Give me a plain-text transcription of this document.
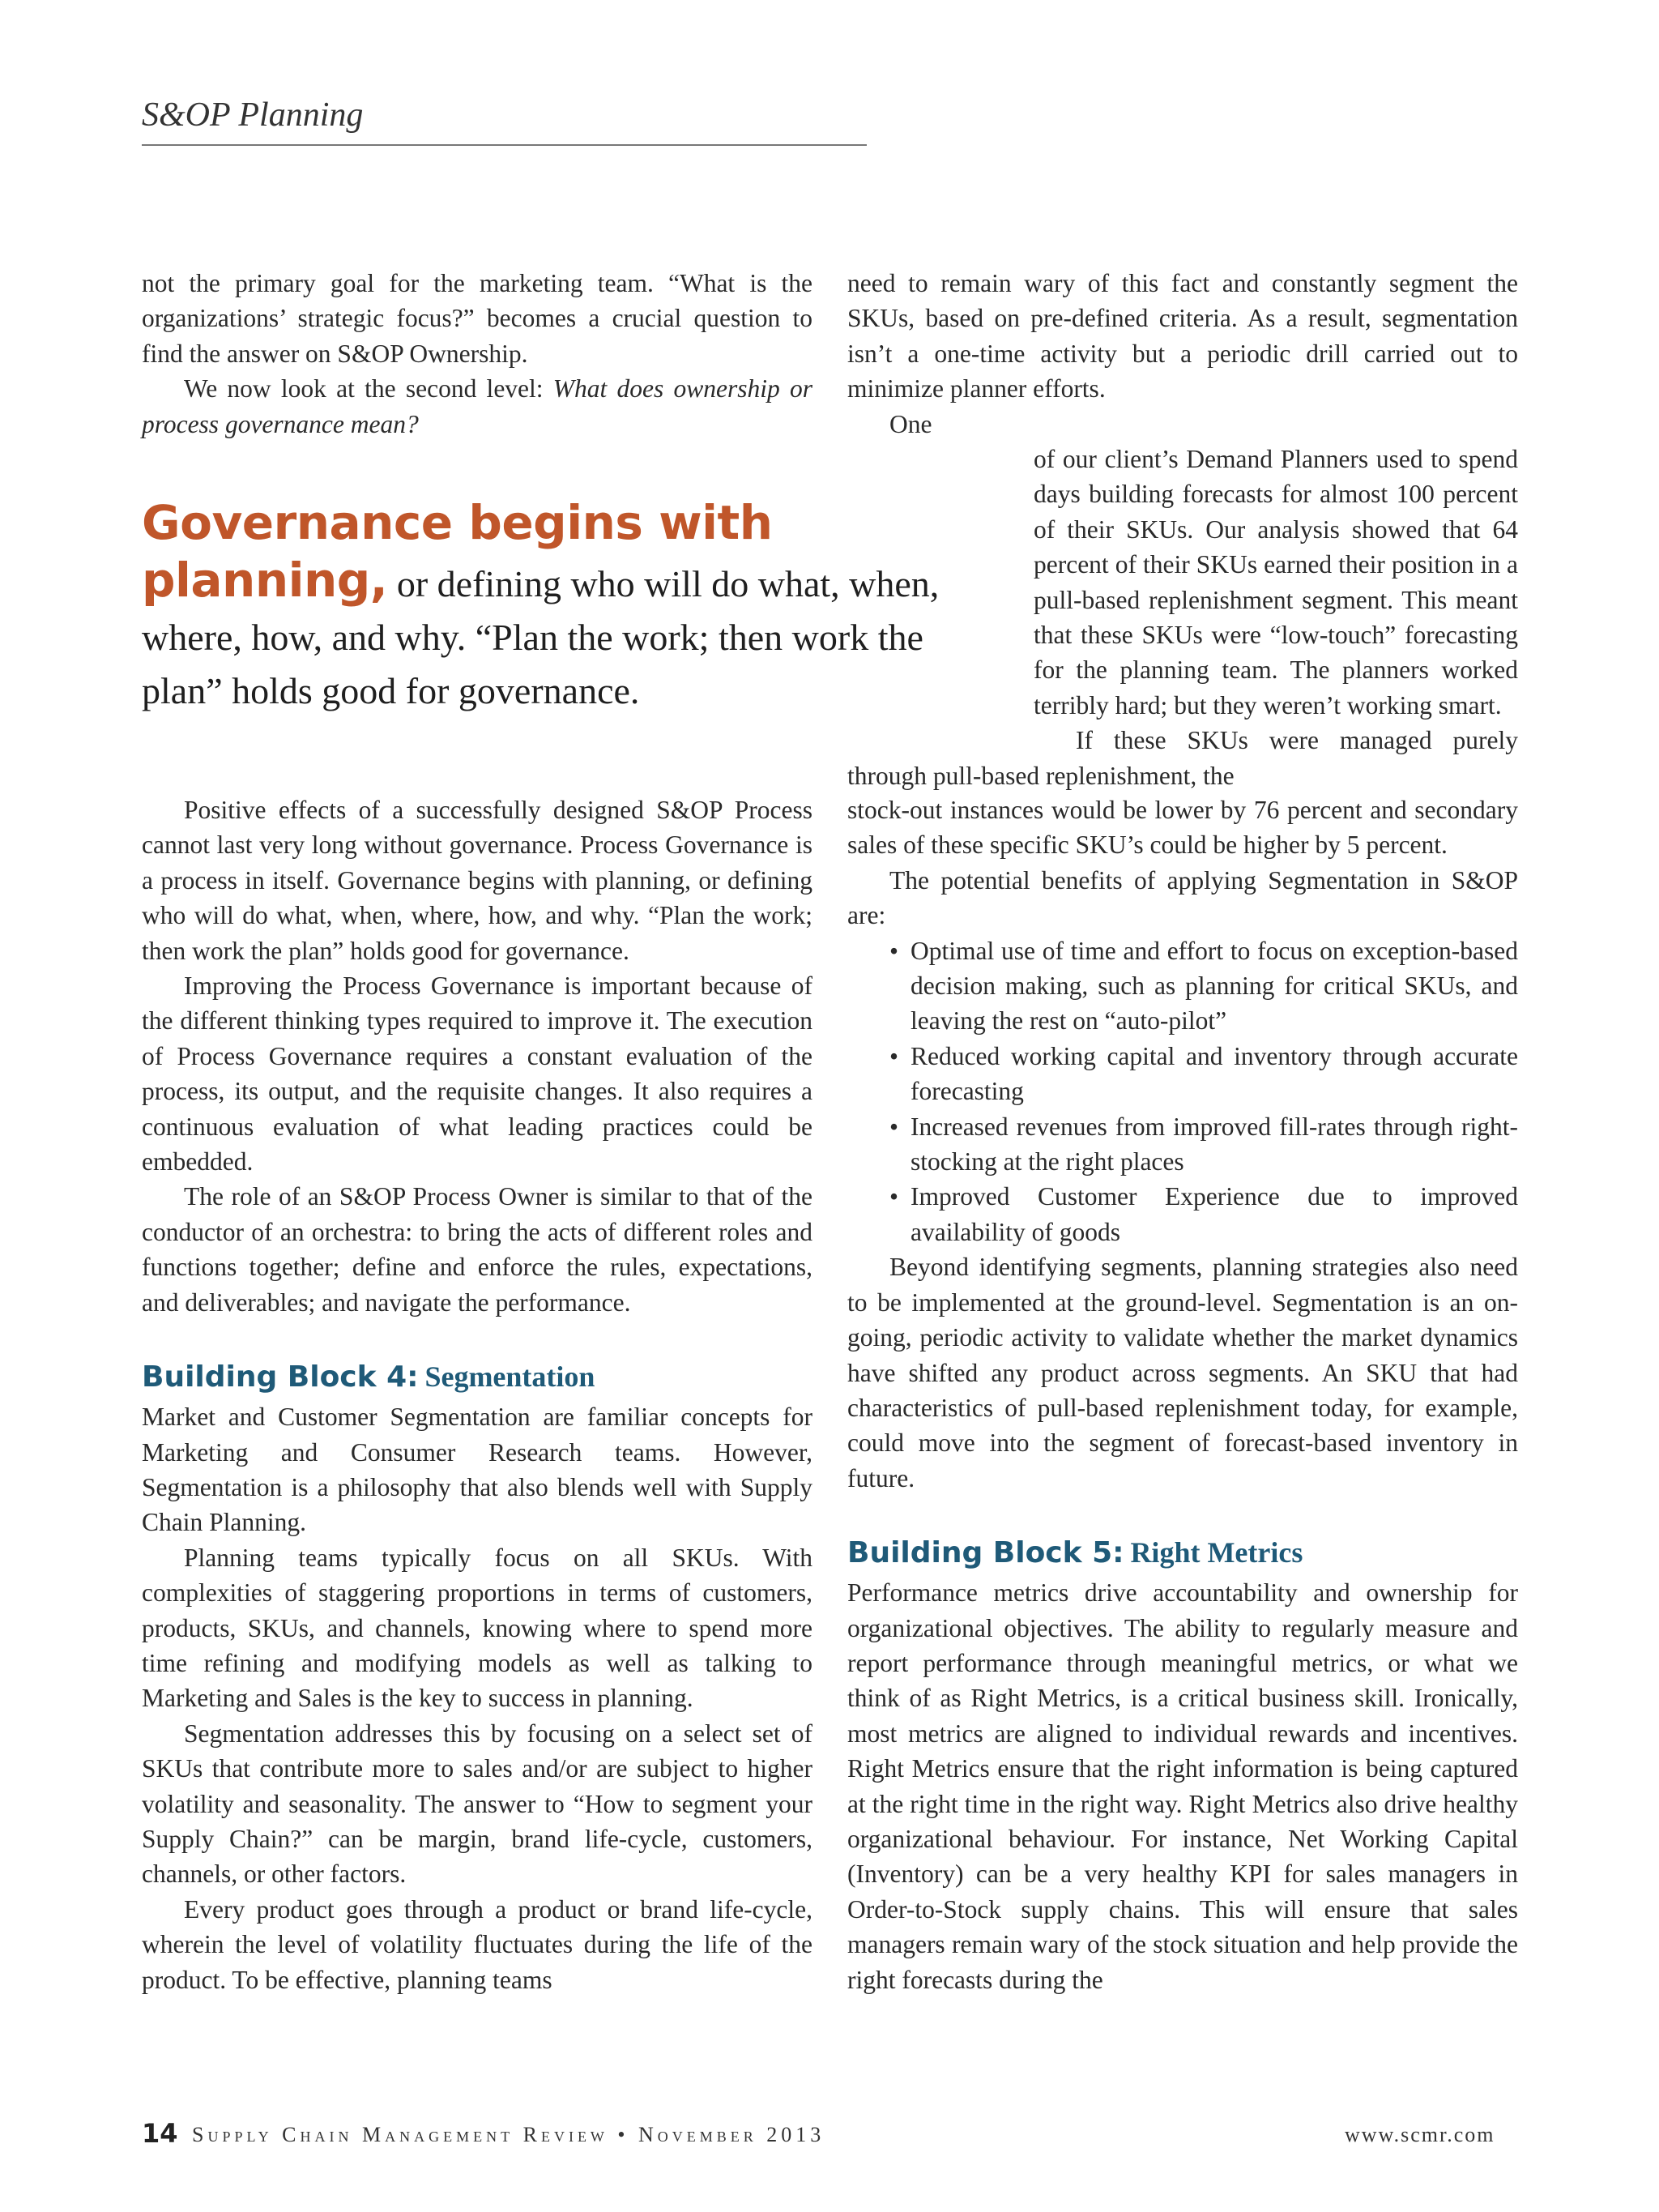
S&OP Planning

not the primary goal for the marketing team. “What is the organizations’ strategic focus?” becomes a crucial question to find the answer on S&OP Ownership.

We now look at the second level: What does ownership or process governance mean?

Governance begins with planning, or defining who will do what, when, where, how, and why. “Plan the work; then work the plan” holds good for governance.

Positive effects of a successfully designed S&OP Process cannot last very long without governance. Process Governance is a process in itself. Governance begins with planning, or defining who will do what, when, where, how, and why. “Plan the work; then work the plan” holds good for governance.

Improving the Process Governance is important because of the different thinking types required to improve it. The execution of Process Governance requires a constant evaluation of the process, its output, and the requisite changes. It also requires a continuous evaluation of what leading practices could be embedded.

The role of an S&OP Process Owner is similar to that of the conductor of an orchestra: to bring the acts of different roles and functions together; define and enforce the rules, expectations, and deliverables; and navigate the performance.

Building Block 4: Segmentation

Market and Customer Segmentation are familiar concepts for Marketing and Consumer Research teams. However, Segmentation is a philosophy that also blends well with Supply Chain Planning.

Planning teams typically focus on all SKUs. With complexities of staggering proportions in terms of customers, products, SKUs, and channels, knowing where to spend more time refining and modifying models as well as talking to Marketing and Sales is the key to success in planning.

Segmentation addresses this by focusing on a select set of SKUs that contribute more to sales and/or are subject to higher volatility and seasonality. The answer to “How to segment your Supply Chain?” can be margin, brand life-cycle, customers, channels, or other factors.

Every product goes through a product or brand life-cycle, wherein the level of volatility fluctuates during the life of the product. To be effective, planning teams

need to remain wary of this fact and constantly segment the SKUs, based on pre-defined criteria. As a result, segmentation isn’t a one-time activity but a periodic drill carried out to minimize planner efforts.

One

of our client’s Demand Planners used to spend days building forecasts for almost 100 percent of their SKUs. Our analysis showed that 64 percent of their SKUs earned their position in a pull-based replenishment segment. This meant that these SKUs were “low-touch” forecasting for the planning team. The planners worked terribly hard; but they weren’t working smart.

If these SKUs were managed purely through pull-based replenishment, the

stock-out instances would be lower by 76 percent and secondary sales of these specific SKU’s could be higher by 5 percent.

The potential benefits of applying Segmentation in S&OP are:

• Optimal use of time and effort to focus on exception-based decision making, such as planning for critical SKUs, and leaving the rest on “auto-pilot”
• Reduced working capital and inventory through accurate forecasting
• Increased revenues from improved fill-rates through right-stocking at the right places
• Improved Customer Experience due to improved availability of goods

Beyond identifying segments, planning strategies also need to be implemented at the ground-level. Segmentation is an on-going, periodic activity to validate whether the market dynamics have shifted any product across segments. An SKU that had characteristics of pull-based replenishment today, for example, could move into the segment of forecast-based inventory in future.

Building Block 5: Right Metrics

Performance metrics drive accountability and ownership for organizational objectives. The ability to regularly measure and report performance through meaningful metrics, or what we think of as Right Metrics, is a critical business skill. Ironically, most metrics are aligned to individual rewards and incentives. Right Metrics ensure that the right information is being captured at the right time in the right way. Right Metrics also drive healthy organizational behaviour. For instance, Net Working Capital (Inventory) can be a very healthy KPI for sales managers in Order-to-Stock supply chains. This will ensure that sales managers remain wary of the stock situation and help provide the right forecasts during the

14 Supply Chain Management Review • November 2013	www.scmr.com
